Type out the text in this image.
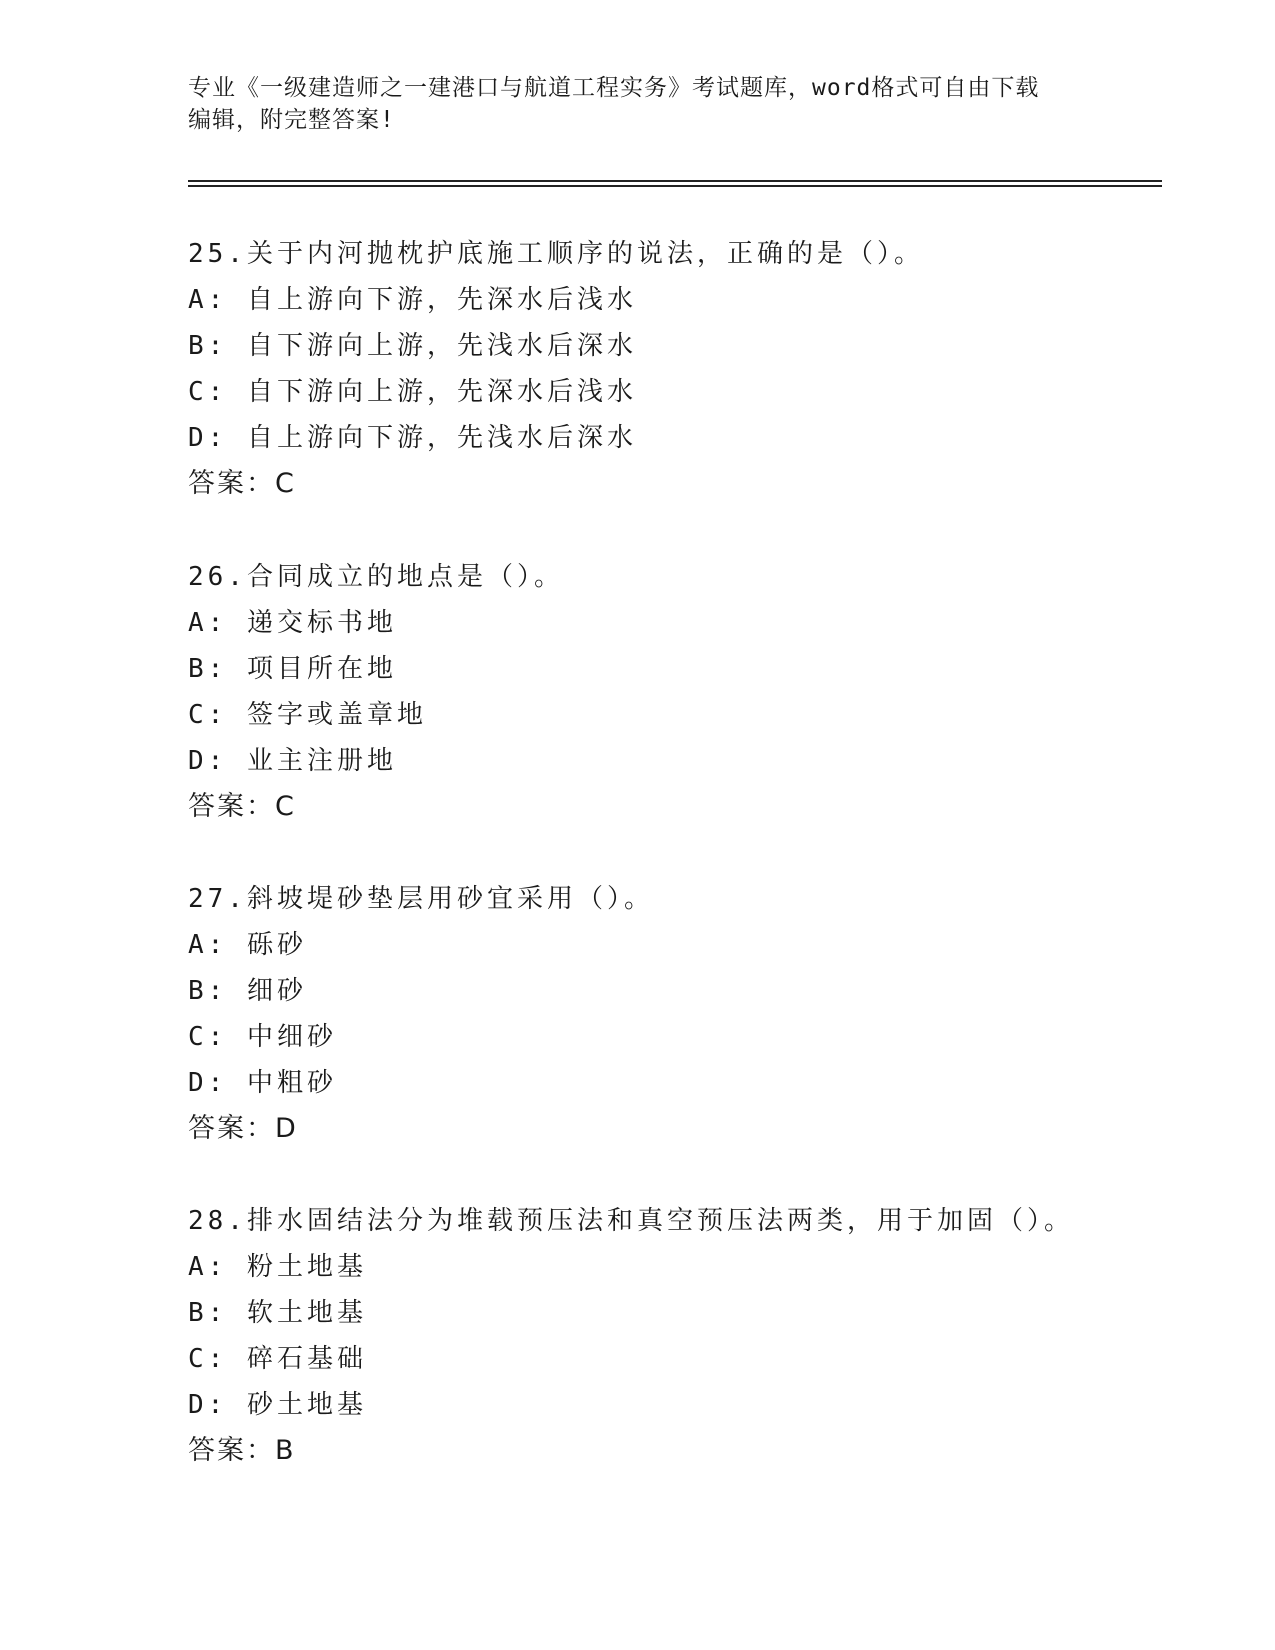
专业《一级建造师之一建港口与航道工程实务》考试题库，word格式可自由下载
编辑，附完整答案!
25.关于内河抛枕护底施工顺序的说法，正确的是（）。
A: 自上游向下游，先深水后浅水
B: 自下游向上游，先浅水后深水
C: 自下游向上游，先深水后浅水
D: 自上游向下游，先浅水后深水
答案：C
26.合同成立的地点是（）。
A: 递交标书地
B: 项目所在地
C: 签字或盖章地
D: 业主注册地
答案：C
27.斜坡堤砂垫层用砂宜采用（）。
A: 砾砂
B: 细砂
C: 中细砂
D: 中粗砂
答案：D
28.排水固结法分为堆载预压法和真空预压法两类，用于加固（）。
A: 粉土地基
B: 软土地基
C: 碎石基础
D: 砂土地基
答案：B
